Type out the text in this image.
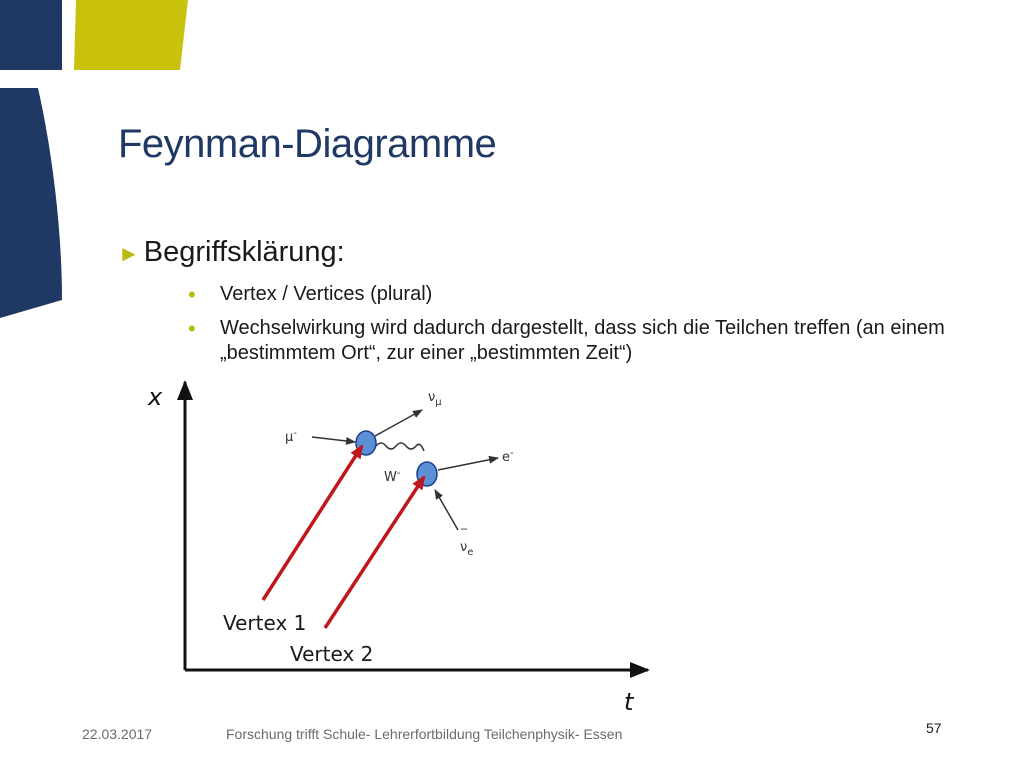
Feynman-Diagramme
► Begriffsklärung:
• Vertex / Vertices (plural)
• Wechselwirkung wird dadurch dargestellt, dass sich die Teilchen treffen (an einem „bestimmtem Ort“, zur einer „bestimmten Zeit“)
x
t
$\nu_\mu$
μ-
W-
e-
‾
$\nu_e$
Vertex 1
Vertex 2
22.03.2017	Forschung trifft Schule- Lehrerfortbildung Teilchenphysik- Essen	57
